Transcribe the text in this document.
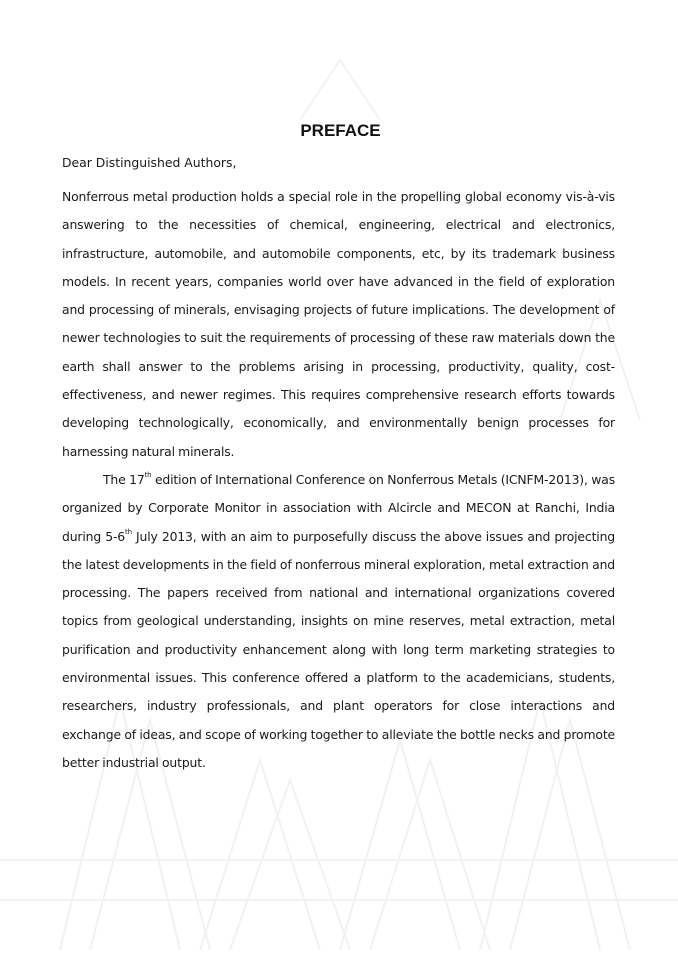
PREFACE

Dear Distinguished Authors,

Nonferrous metal production holds a special role in the propelling global economy vis-à-vis answering to the necessities of chemical, engineering, electrical and electronics, infrastructure, automobile, and automobile components, etc, by its trademark business models. In recent years, companies world over have advanced in the field of exploration and processing of minerals, envisaging projects of future implications. The development of newer technologies to suit the requirements of processing of these raw materials down the earth shall answer to the problems arising in processing, productivity, quality, cost-effectiveness, and newer regimes. This requires comprehensive research efforts towards developing technologically, economically, and environmentally benign processes for harnessing natural minerals.

The 17th edition of International Conference on Nonferrous Metals (ICNFM-2013), was organized by Corporate Monitor in association with Alcircle and MECON at Ranchi, India during 5-6th July 2013, with an aim to purposefully discuss the above issues and projecting the latest developments in the field of nonferrous mineral exploration, metal extraction and processing. The papers received from national and international organizations covered topics from geological understanding, insights on mine reserves, metal extraction, metal purification and productivity enhancement along with long term marketing strategies to environmental issues. This conference offered a platform to the academicians, students, researchers, industry professionals, and plant operators for close interactions and exchange of ideas, and scope of working together to alleviate the bottle necks and promote better industrial output.
